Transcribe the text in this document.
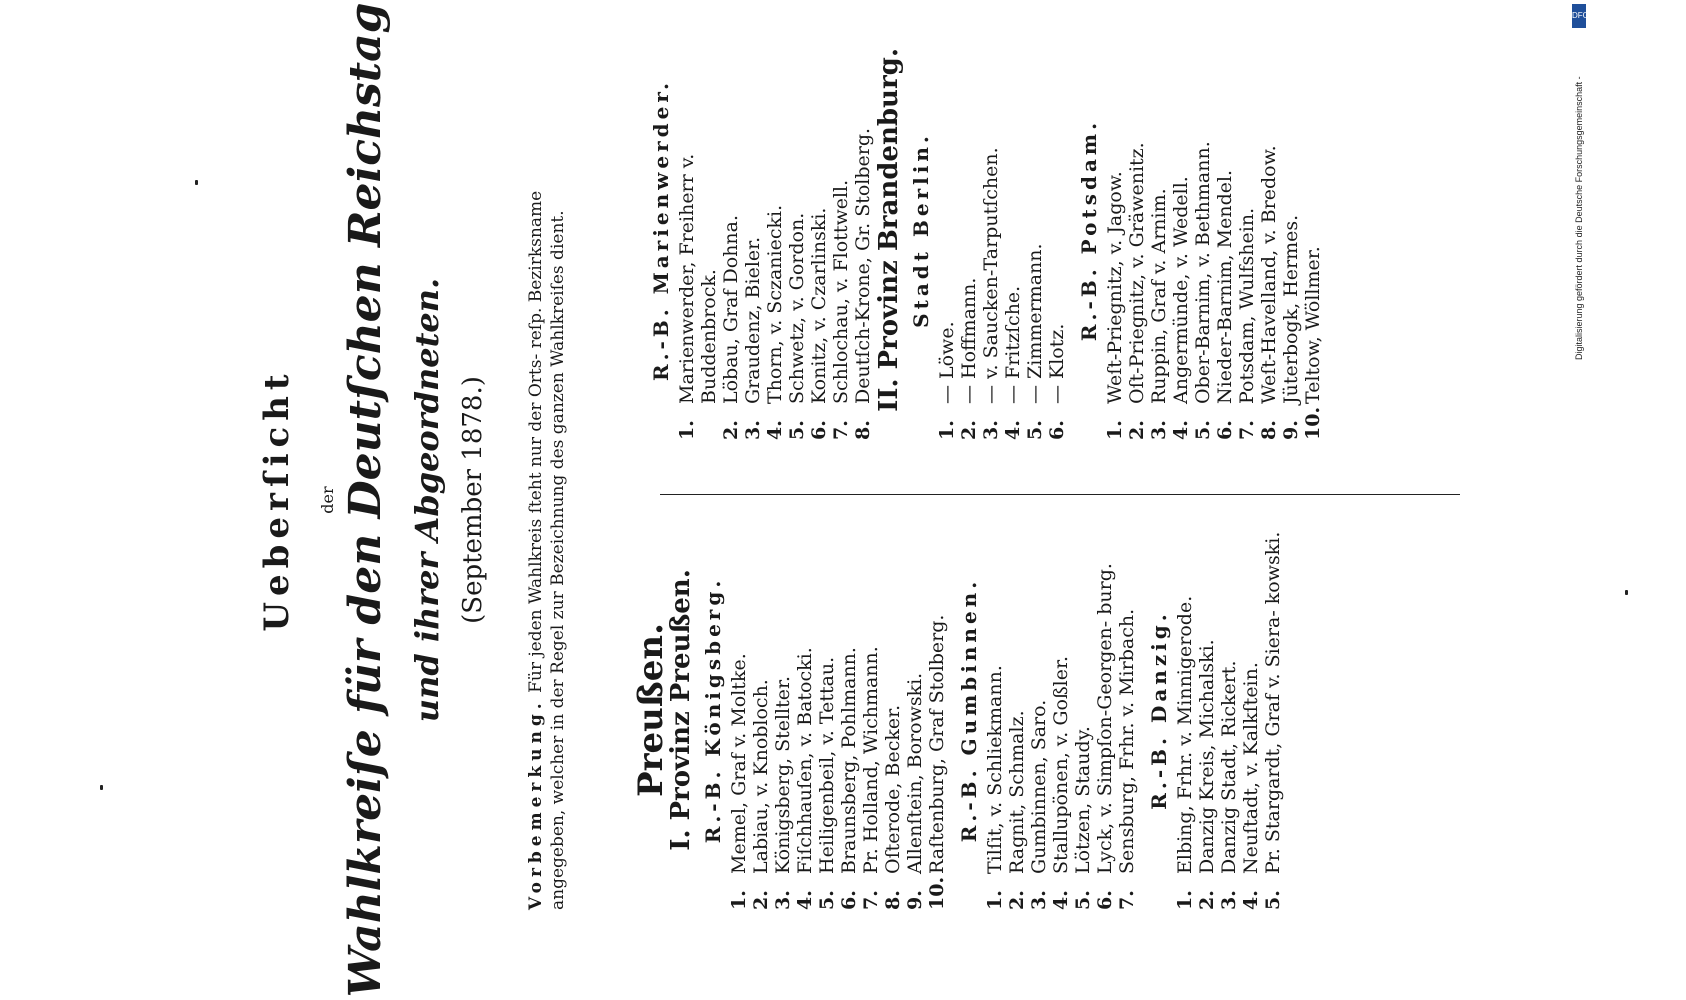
Ueberſicht der Wahlkreiſe für den Deutſchen Reichstag und ihrer Abgeordneten. (September 1878.)
Vorbemerkung. Für jeden Wahlkreis ſteht nur der Orts- reſp. Bezirksname angegeben, welcher in der Regel zur Bezeichnung des ganzen Wahlkreiſes dient. Preußen.
I. Provinz Preußen. R.-B. Königsberg.
1.
Memel, Graf v. Moltke.
2.
Labiau, v. Knobloch.
3.
Königsberg, Stellter.
4.
Fiſchhauſen, v. Batocki.
5.
Heiligenbeil, v. Tettau.
6.
Braunsberg, Pohlmann.
7.
Pr. Holland, Wichmann.
8.
Oſterode, Becker.
9.
Allenſtein, Borowski.
10.
Raſtenburg, Graf Stolberg. R.-B. Gumbinnen.
1.
Tilſit, v. Schliekmann.
2.
Ragnit, Schmalz.
3.
Gumbinnen, Saro.
4.
Stallupönen, v. Goßler.
5.
Lötzen, Staudy.
6.
Lyck, v. Simpſon-Georgen- burg.
7.
Sensburg, Frhr. v. Mirbach. R.-B. Danzig.
1.
Elbing, Frhr. v. Minnigerode.
2.
Danzig Kreis, Michalski.
3.
Danzig Stadt, Rickert.
4.
Neuſtadt, v. Kalkſtein.
5.
Pr. Stargardt, Graf v. Siera- kowski.
R.-B. Marienwerder.
1.
Marienwerder, Freiherr v. Buddenbrock.
2.
Löbau, Graf Dohna.
3.
Graudenz, Bieler.
4.
Thorn, v. Sczaniecki.
5.
Schwetz, v. Gordon.
6.
Konitz, v. Czarlinski.
7.
Schlochau, v. Flottwell.
8.
Deutſch-Krone, Gr. Stolberg. II. Provinz Brandenburg. Stadt Berlin.
1.
— Löwe.
2.
— Hoffmann.
3.
— v. Saucken-Tarputſchen.
4.
— Fritzſche.
5.
— Zimmermann.
6.
— Klotz.
R.-B. Potsdam.
1.
Weſt-Priegnitz, v. Jagow.
2.
Oſt-Priegnitz, v. Gräwenitz.
3.
Ruppin, Graf v. Arnim.
4.
Angermünde, v. Wedell.
5.
Ober-Barnim, v. Bethmann.
6.
Nieder-Barnim, Mendel.
7.
Potsdam, Wulfshein.
8.
Weſt-Havelland, v. Bredow.
9.
Jüterbogk, Hermes.
10.
Teltow, Wöllmer.
DFG
Digitalisierung gefördert durch die Deutsche Forschungsgemeinschaft -
